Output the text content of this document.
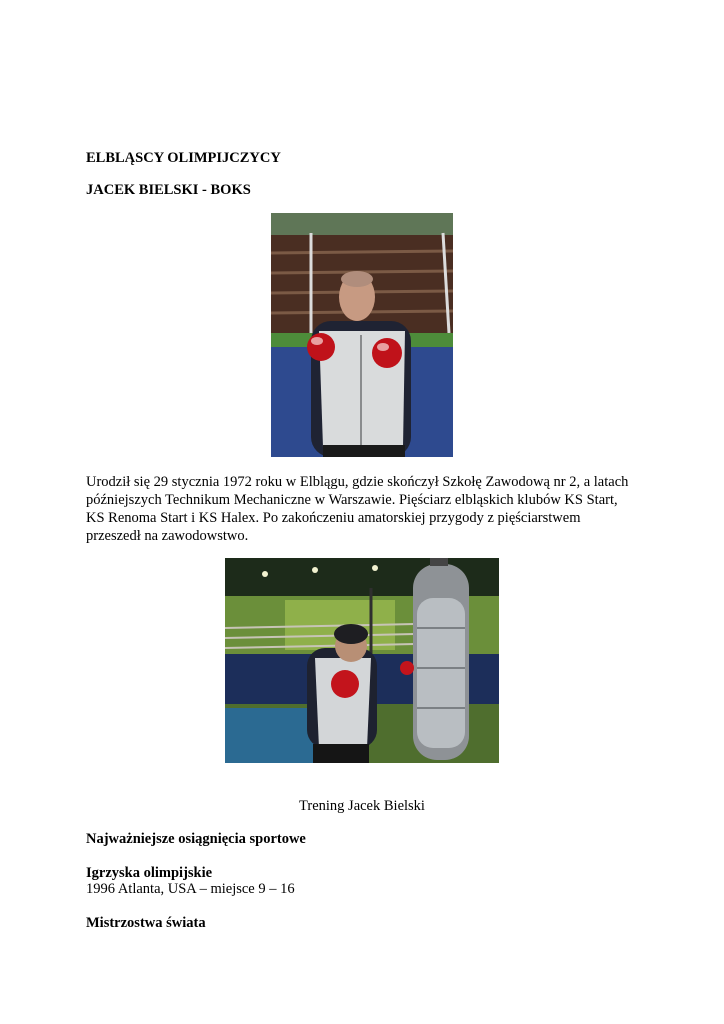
ELBLĄSCY OLIMPIJCZYCY
JACEK BIELSKI - BOKS
Urodził się 29 stycznia 1972 roku w Elblągu, gdzie skończył Szkołę Zawodową nr 2, a latach
późniejszych Technikum Mechaniczne w Warszawie. Pięściarz elbląskich klubów KS Start,
KS Renoma Start i KS Halex. Po zakończeniu amatorskiej przygody z pięściarstwem
przeszedł na zawodowstwo.
Trening Jacek Bielski
Najważniejsze osiągnięcia sportowe
Igrzyska olimpijskie
1996 Atlanta, USA – miejsce 9 – 16
Mistrzostwa świata
